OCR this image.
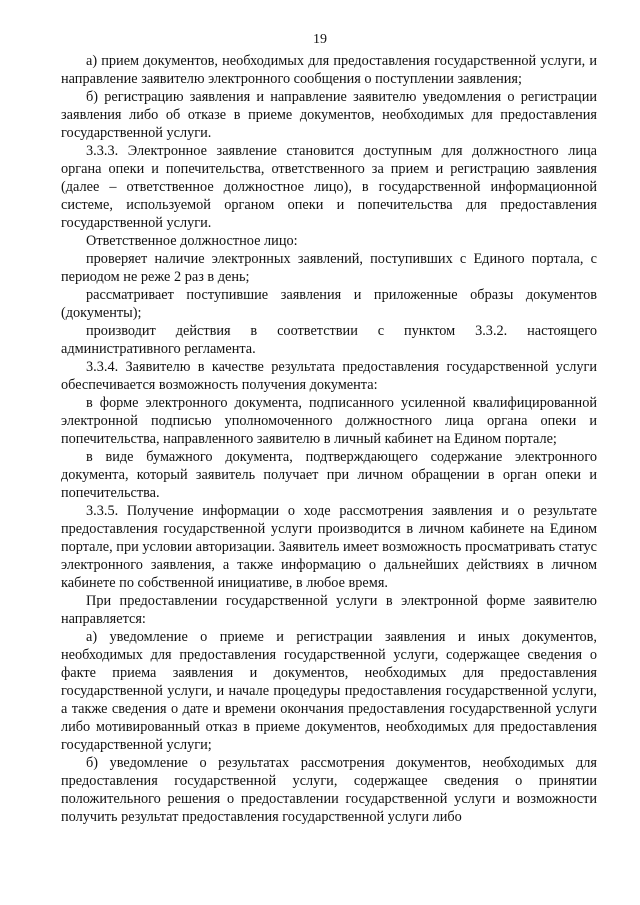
19

а) прием документов, необходимых для предоставления государственной услуги, и направление заявителю электронного сообщения о поступлении заявления;

б) регистрацию заявления и направление заявителю уведомления о регистрации заявления либо об отказе в приеме документов, необходимых для предоставления государственной услуги.

3.3.3. Электронное заявление становится доступным для должностного лица органа опеки и попечительства, ответственного за прием и регистрацию заявления (далее – ответственное должностное лицо), в государственной информационной системе, используемой органом опеки и попечительства для предоставления государственной услуги.

Ответственное должностное лицо:

проверяет наличие электронных заявлений, поступивших с Единого портала, с периодом не реже 2 раз в день;

рассматривает поступившие заявления и приложенные образы документов (документы);

производит действия в соответствии с пунктом 3.3.2. настоящего административного регламента.

3.3.4. Заявителю в качестве результата предоставления государственной услуги обеспечивается возможность получения документа:

в форме электронного документа, подписанного усиленной квалифицированной электронной подписью уполномоченного должностного лица органа опеки и попечительства, направленного заявителю в личный кабинет на Едином портале;

в виде бумажного документа, подтверждающего содержание электронного документа, который заявитель получает при личном обращении в орган опеки и попечительства.

3.3.5. Получение информации о ходе рассмотрения заявления и о результате предоставления государственной услуги производится в личном кабинете на Едином портале, при условии авторизации. Заявитель имеет возможность просматривать статус электронного заявления, а также информацию о дальнейших действиях в личном кабинете по собственной инициативе, в любое время.

При предоставлении государственной услуги в электронной форме заявителю направляется:

а) уведомление о приеме и регистрации заявления и иных документов, необходимых для предоставления государственной услуги, содержащее сведения о факте приема заявления и документов, необходимых для предоставления государственной услуги, и начале процедуры предоставления государственной услуги, а также сведения о дате и времени окончания предоставления государственной услуги либо мотивированный отказ в приеме документов, необходимых для предоставления государственной услуги;

б) уведомление о результатах рассмотрения документов, необходимых для предоставления государственной услуги, содержащее сведения о принятии положительного решения о предоставлении государственной услуги и возможности получить результат предоставления государственной услуги либо
